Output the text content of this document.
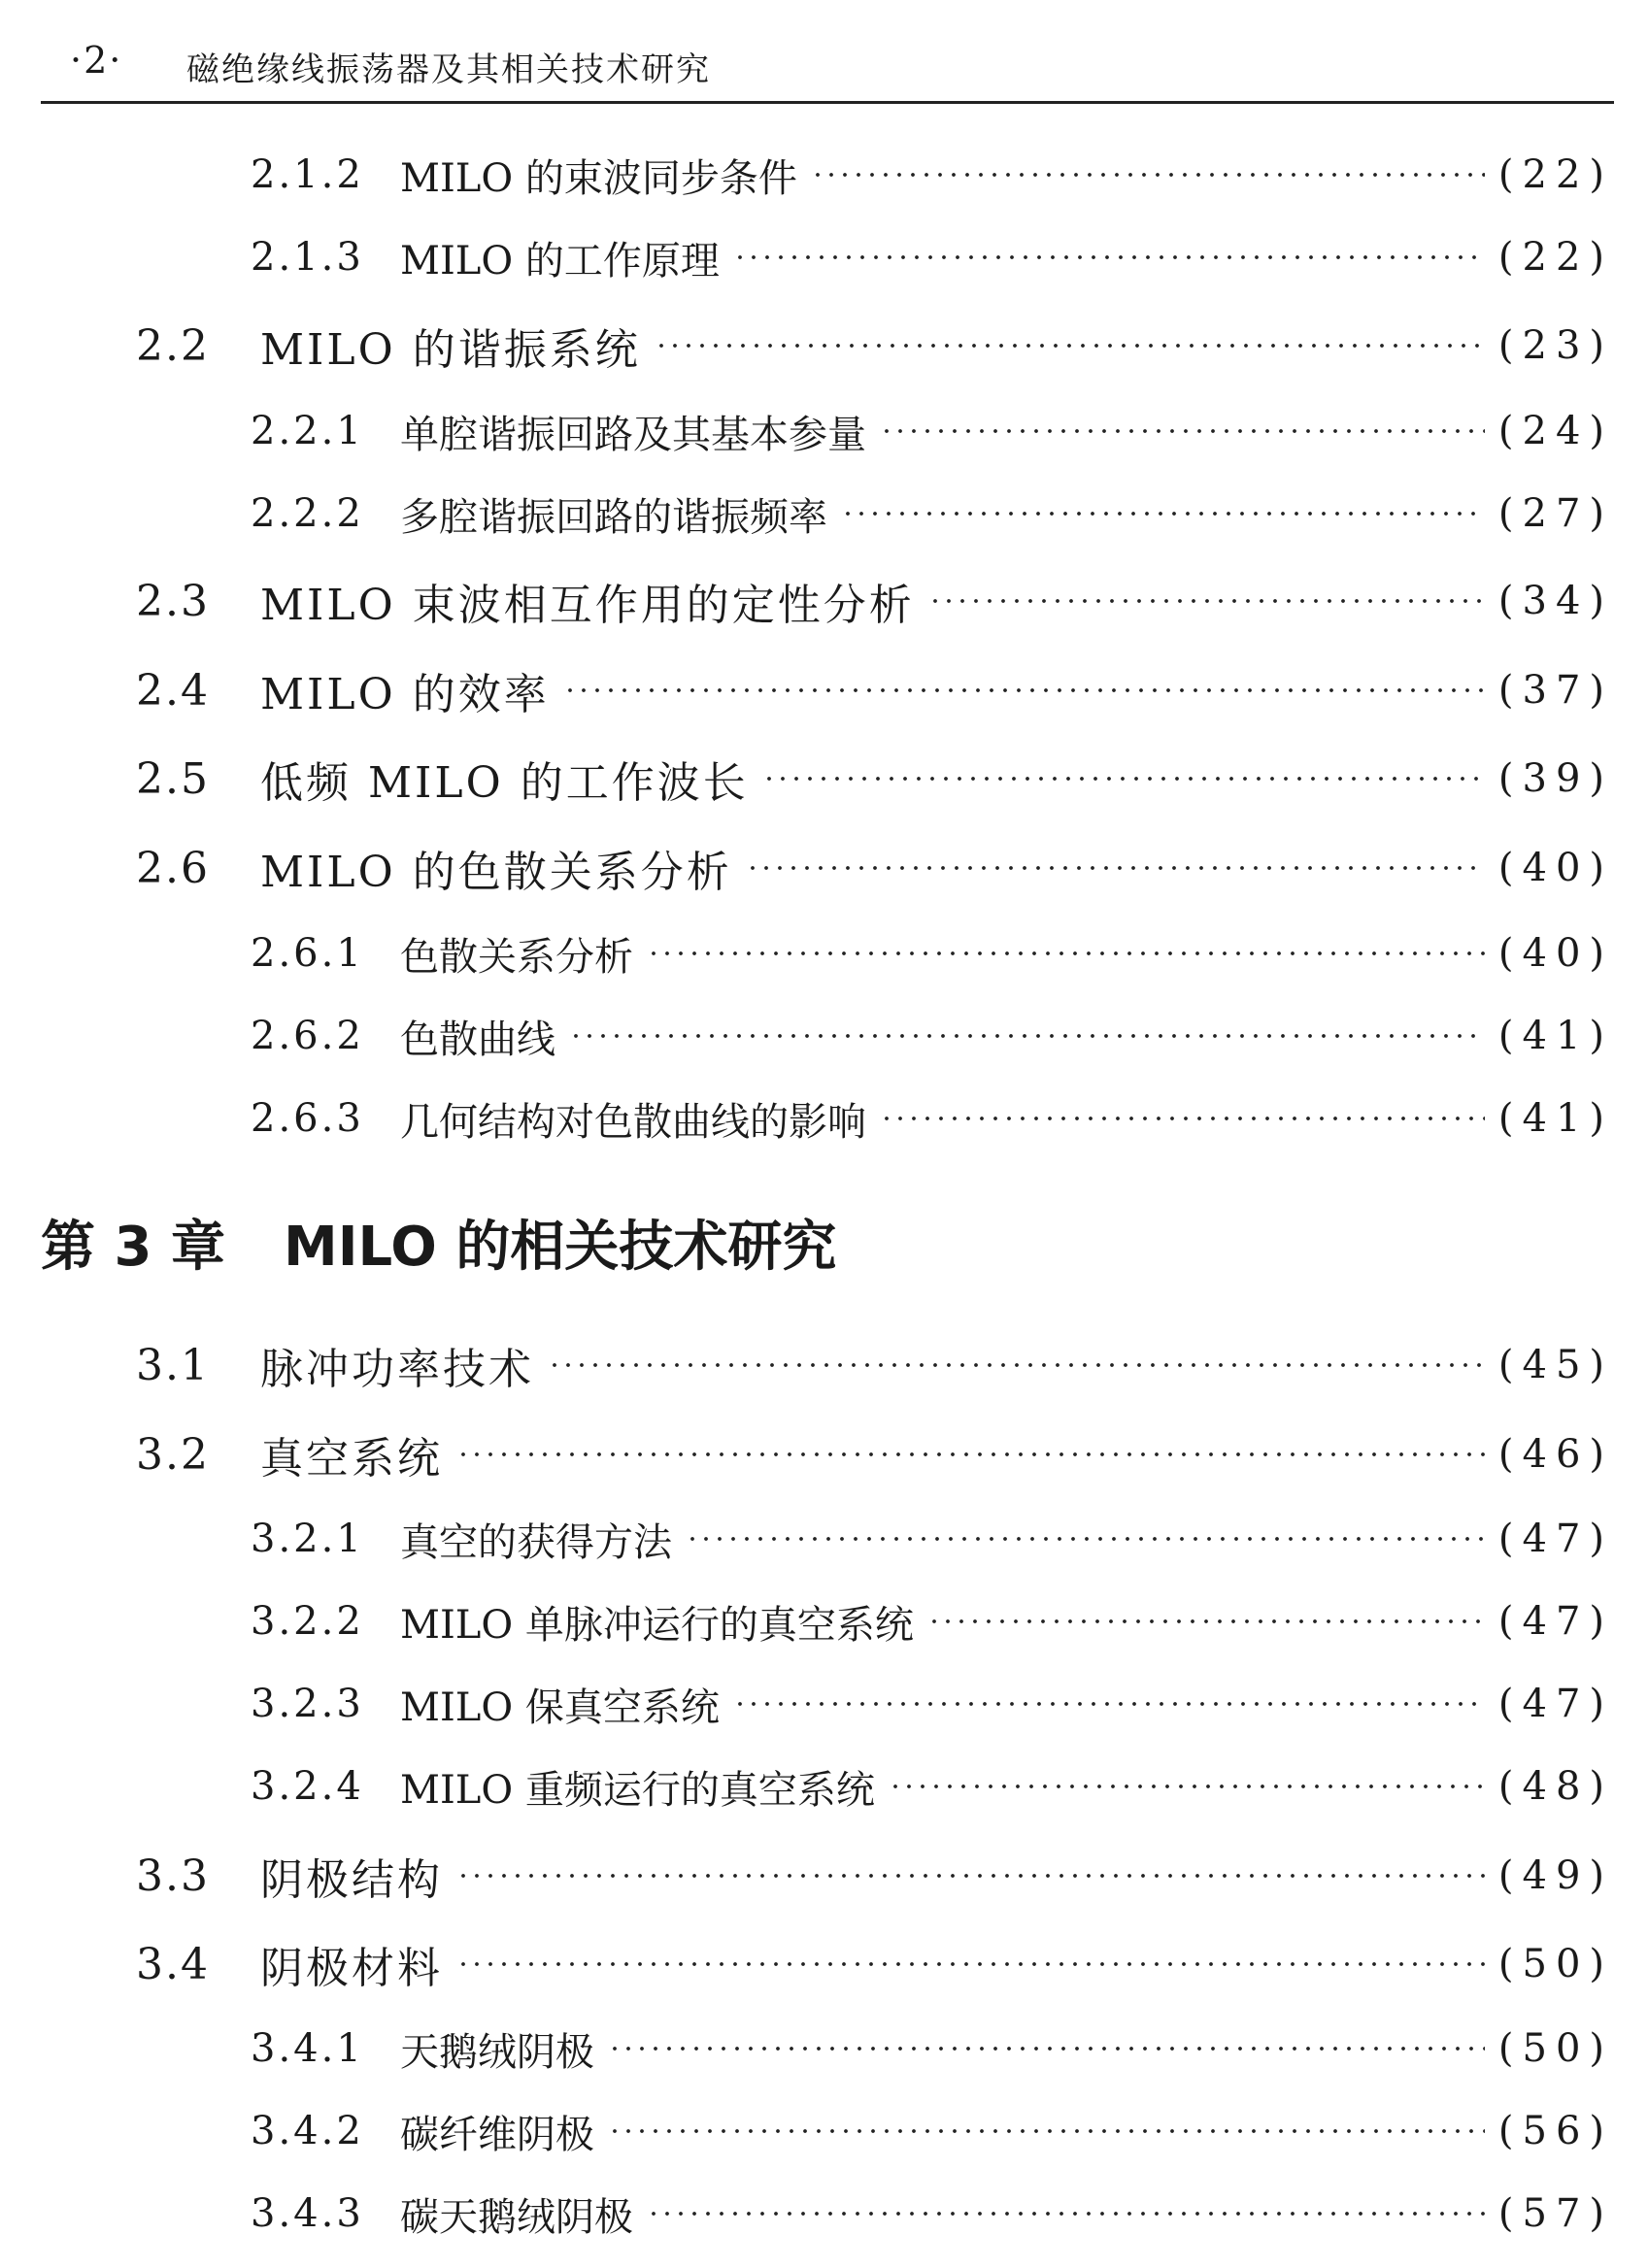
·2· 磁绝缘线振荡器及其相关技术研究
2.1.2 MILO 的束波同步条件	(22)
2.1.3 MILO 的工作原理	(22)
2.2	MILO 的谐振系统	(23)
2.2.1 单腔谐振回路及其基本参量	(24)
2.2.2 多腔谐振回路的谐振频率	(27)
2.3	MILO 束波相互作用的定性分析	(34)
2.4	MILO 的效率	(37)
2.5	低频 MILO 的工作波长	(39)
2.6	MILO 的色散关系分析	(40)
2.6.1 色散关系分析	(40)
2.6.2 色散曲线	(41)
2.6.3 几何结构对色散曲线的影响	(41)
第 3 章 MILO 的相关技术研究
3.1	脉冲功率技术	(45)
3.2	真空系统	(46)
3.2.1 真空的获得方法	(47)
3.2.2 MILO 单脉冲运行的真空系统	(47)
3.2.3 MILO 保真空系统	(47)
3.2.4 MILO 重频运行的真空系统	(48)
3.3	阴极结构	(49)
3.4	阴极材料	(50)
3.4.1 天鹅绒阴极	(50)
3.4.2 碳纤维阴极	(56)
3.4.3 碳天鹅绒阴极	(57)
